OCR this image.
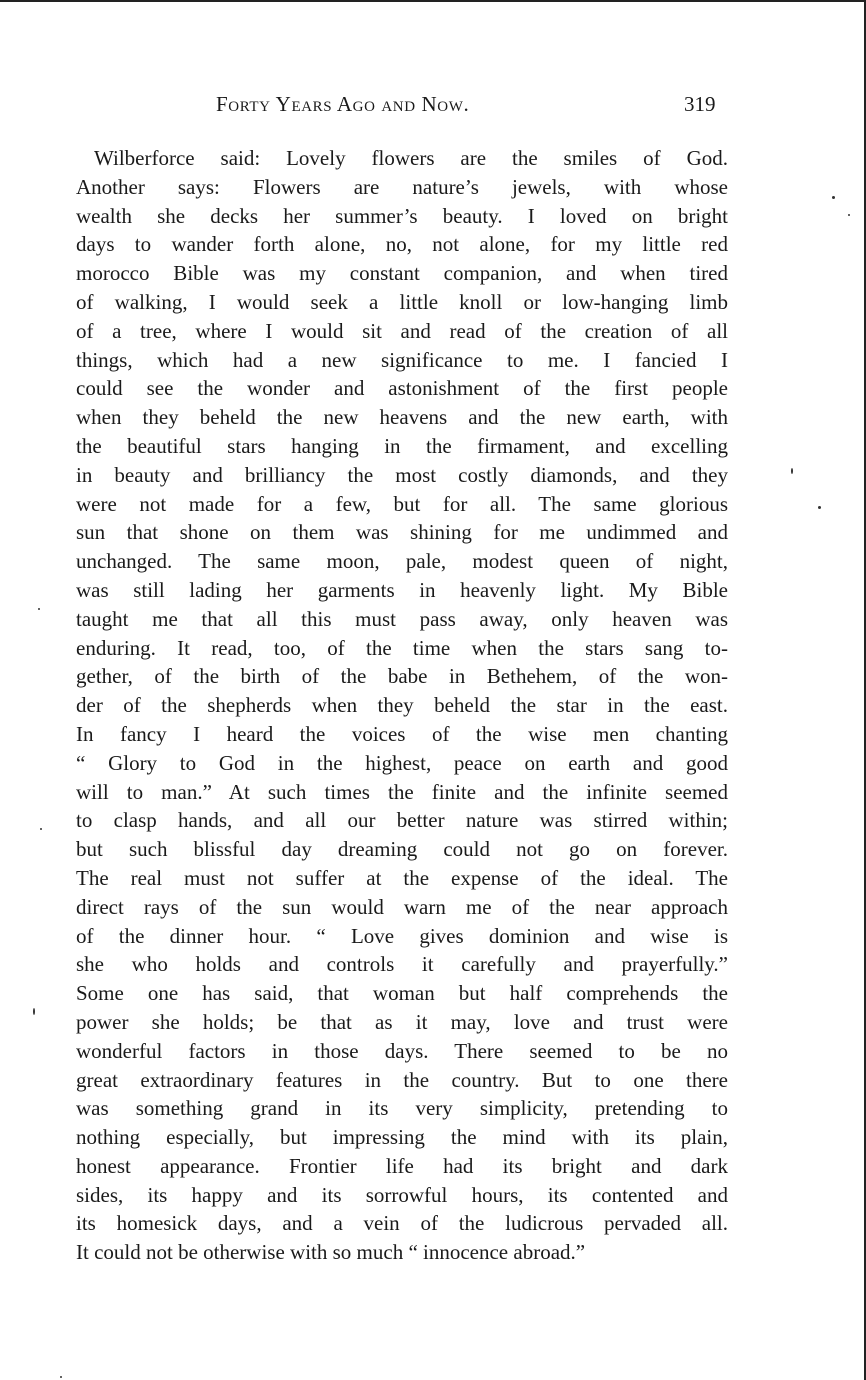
Forty Years Ago and Now.	319
Wilberforce said: Lovely flowers are the smiles of God.
Another says: Flowers are nature’s jewels, with whose
wealth she decks her summer’s beauty. I loved on bright
days to wander forth alone, no, not alone, for my little red
morocco Bible was my constant companion, and when tired
of walking, I would seek a little knoll or low-hanging limb
of a tree, where I would sit and read of the creation of all
things, which had a new significance to me. I fancied I
could see the wonder and astonishment of the first people
when they beheld the new heavens and the new earth, with
the beautiful stars hanging in the firmament, and excelling
in beauty and brilliancy the most costly diamonds, and they
were not made for a few, but for all. The same glorious
sun that shone on them was shining for me undimmed and
unchanged. The same moon, pale, modest queen of night,
was still lading her garments in heavenly light. My Bible
taught me that all this must pass away, only heaven was
enduring. It read, too, of the time when the stars sang to-
gether, of the birth of the babe in Bethehem, of the won-
der of the shepherds when they beheld the star in the east.
In fancy I heard the voices of the wise men chanting
“ Glory to God in the highest, peace on earth and good
will to man.” At such times the finite and the infinite seemed
to clasp hands, and all our better nature was stirred within;
but such blissful day dreaming could not go on forever.
The real must not suffer at the expense of the ideal. The
direct rays of the sun would warn me of the near approach
of the dinner hour. “ Love gives dominion and wise is
she who holds and controls it carefully and prayerfully.”
Some one has said, that woman but half comprehends the
power she holds; be that as it may, love and trust were
wonderful factors in those days. There seemed to be no
great extraordinary features in the country. But to one there
was something grand in its very simplicity, pretending to
nothing especially, but impressing the mind with its plain,
honest appearance. Frontier life had its bright and dark
sides, its happy and its sorrowful hours, its contented and
its homesick days, and a vein of the ludicrous pervaded all.
It could not be otherwise with so much “ innocence abroad.”
